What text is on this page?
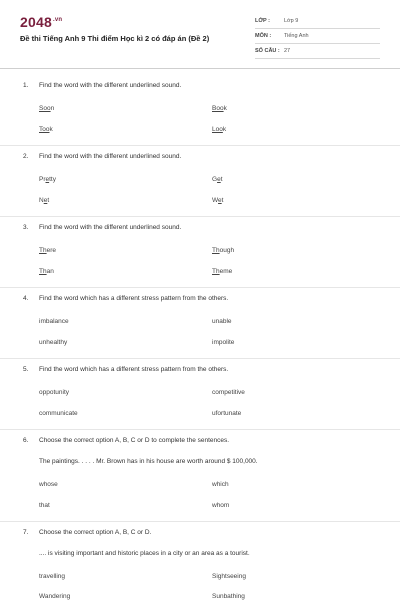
$2048^{.vn}$
Đề thi Tiếng Anh 9 Thi điểm Học kì 2 có đáp án (Đề 2)
LỚP :	Lớp 9
MÔN : Tiếng Anh
SỐ CÂU : 27
1. Find the word with the different underlined sound.
Soon	Book
Took	Look
2. Find the word with the different underlined sound.
Pretty	Get
Net	Wet
3. Find the word with the different underlined sound.
There	Though
Than	Theme
4. Find the word which has a different stress pattern from the others.
imbalance	unable
unhealthy	impolite
5. Find the word which has a different stress pattern from the others.
oppotunity	competitive
communicate	ufortunate
6. Choose the correct option A, B, C or D to complete the sentences.
The paintings. . . . . Mr. Brown has in his house are worth around $ 100,000.
whose	which
that	whom
7. Choose the correct option A, B, C or D.
.... is visiting important and historic places in a city or an area as a tourist.
travelling	Sightseeing
Wandering	Sunbathing
